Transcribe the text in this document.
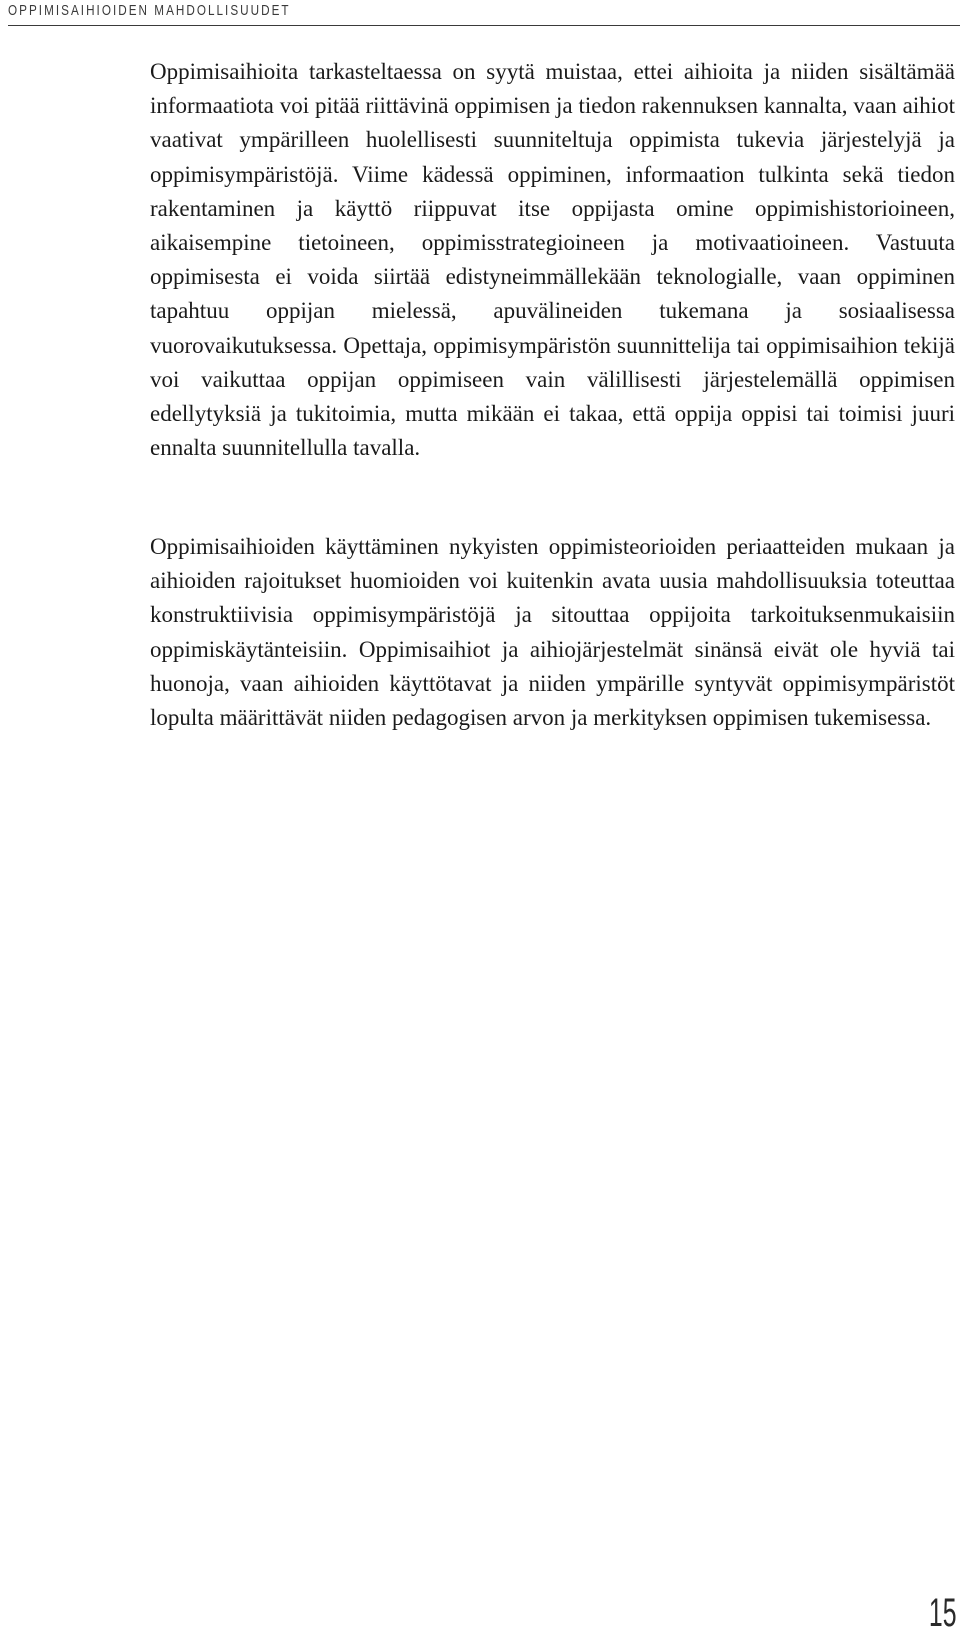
OPPIMISAIHIOIDEN MAHDOLLISUUDET

Oppimisaihioita tarkasteltaessa on syytä muistaa, ettei aihioita ja niiden sisältämää informaatiota voi pitää riittävinä oppimisen ja tiedon rakennuksen kannalta, vaan aihiot vaativat ympärilleen huolellisesti suunniteltuja oppimista tukevia järjestelyjä ja oppimisympäristöjä. Viime kädessä oppiminen, informaation tulkinta sekä tiedon rakentaminen ja käyttö riippuvat itse oppijasta omine oppimishistorioineen, aikaisempine tietoineen, oppimisstrategioineen ja motivaatioineen. Vastuuta oppimisesta ei voida siirtää edistyneimmällekään teknologialle, vaan oppiminen tapahtuu oppijan mielessä, apuvälineiden tukemana ja sosiaalisessa vuorovaikutuksessa. Opettaja, oppimisympäristön suunnittelija tai oppimisaihion tekijä voi vaikuttaa oppijan oppimiseen vain välillisesti järjestelemällä oppimisen edellytyksiä ja tukitoimia, mutta mikään ei takaa, että oppija oppisi tai toimisi juuri ennalta suunnitellulla tavalla.

Oppimisaihioiden käyttäminen nykyisten oppimisteorioiden periaatteiden mukaan ja aihioiden rajoitukset huomioiden voi kuitenkin avata uusia mahdollisuuksia toteuttaa konstruktiivisia oppimisympäristöjä ja sitouttaa oppijoita tarkoituksenmukaisiin oppimiskäytänteisiin. Oppimisaihiot ja aihiojärjestelmät sinänsä eivät ole hyviä tai huonoja, vaan aihioiden käyttötavat ja niiden ympärille syntyvät oppimisympäristöt lopulta määrittävät niiden pedagogisen arvon ja merkityksen oppimisen tukemisessa.

15
